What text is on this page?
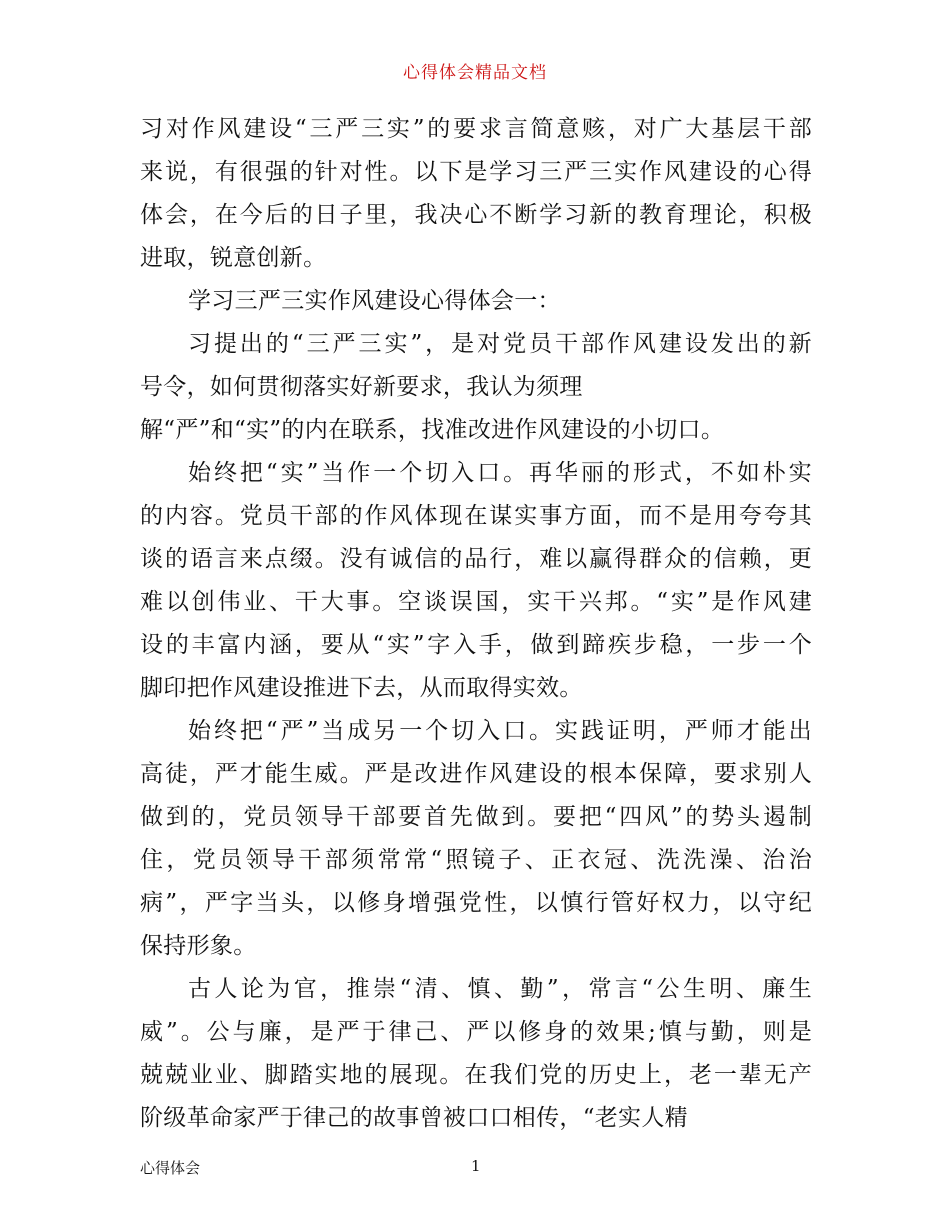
心得体会精品文档
习对作风建设“三严三实”的要求言简意赅，对广大基层干部
来说，有很强的针对性。以下是学习三严三实作风建设的心得
体会，在今后的日子里，我决心不断学习新的教育理论，积极
进取，锐意创新。
学习三严三实作风建设心得体会一：
习提出的“三严三实”，是对党员干部作风建设发出的新
号令，如何贯彻落实好新要求，我认为须理
解“严”和“实”的内在联系，找准改进作风建设的小切口。
始终把“实”当作一个切入口。再华丽的形式，不如朴实
的内容。党员干部的作风体现在谋实事方面，而不是用夸夸其
谈的语言来点缀。没有诚信的品行，难以赢得群众的信赖，更
难以创伟业、干大事。空谈误国，实干兴邦。“实”是作风建
设的丰富内涵，要从“实”字入手，做到蹄疾步稳，一步一个
脚印把作风建设推进下去，从而取得实效。
始终把“严”当成另一个切入口。实践证明，严师才能出
高徒，严才能生威。严是改进作风建设的根本保障，要求别人
做到的，党员领导干部要首先做到。要把“四风”的势头遏制
住，党员领导干部须常常“照镜子、正衣冠、洗洗澡、治治
病”，严字当头，以修身增强党性，以慎行管好权力，以守纪
保持形象。
古人论为官，推崇“清、慎、勤”，常言“公生明、廉生
威”。公与廉，是严于律己、严以修身的效果;慎与勤，则是
兢兢业业、脚踏实地的展现。在我们党的历史上，老一辈无产
阶级革命家严于律己的故事曾被口口相传，“老实人精
心得体会	1
